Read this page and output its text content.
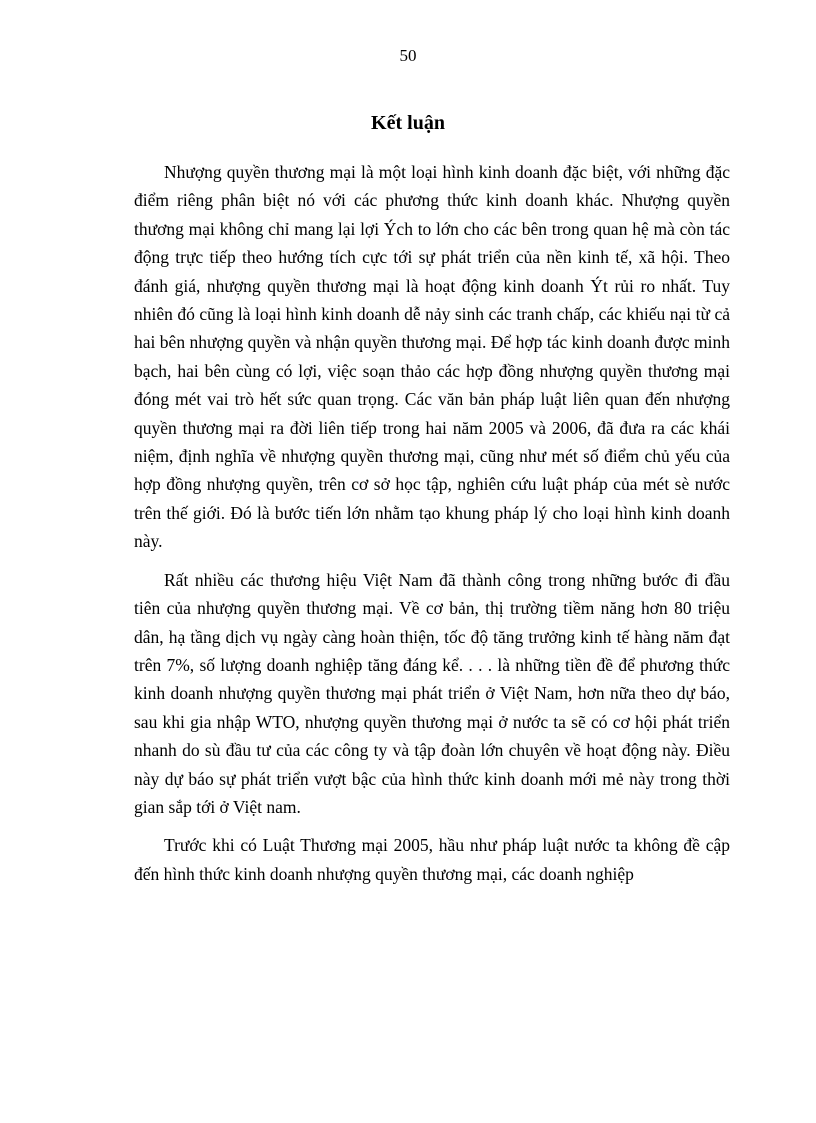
50
Kết luận

Nhượng quyền thương mại là một loại hình kinh doanh đặc biệt, với những đặc điểm riêng phân biệt nó với các phương thức kinh doanh khác. Nhượng quyền thương mại không chỉ mang lại lợi Ých to lớn cho các bên trong quan hệ mà còn tác động trực tiếp theo hướng tích cực tới sự phát triển của nền kinh tế, xã hội. Theo đánh giá, nhượng quyền thương mại là hoạt động kinh doanh Ýt rủi ro nhất. Tuy nhiên đó cũng là loại hình kinh doanh dễ nảy sinh các tranh chấp, các khiếu nại từ cả hai bên nhượng quyền và nhận quyền thương mại. Để hợp tác kinh doanh được minh bạch, hai bên cùng có lợi, việc soạn thảo các hợp đồng nhượng quyền thương mại đóng mét vai trò hết sức quan trọng. Các văn bản pháp luật liên quan đến nhượng quyền thương mại ra đời liên tiếp trong hai năm 2005 và 2006, đã đưa ra các khái niệm, định nghĩa về nhượng quyền thương mại, cũng như mét số điểm chủ yếu của hợp đồng nhượng quyền, trên cơ sở học tập, nghiên cứu luật pháp của mét sè nước trên thế giới. Đó là bước tiến lớn nhằm tạo khung pháp lý cho loại hình kinh doanh này.

Rất nhiều các thương hiệu Việt Nam đã thành công trong những bước đi đầu tiên của nhượng quyền thương mại. Về cơ bản, thị trường tiềm năng hơn 80 triệu dân, hạ tầng dịch vụ ngày càng hoàn thiện, tốc độ tăng trưởng kinh tế hàng năm đạt trên 7%, số lượng doanh nghiệp tăng đáng kể. . . . là những tiền đề để phương thức kinh doanh nhượng quyền thương mại phát triển ở Việt Nam, hơn nữa theo dự báo, sau khi gia nhập WTO, nhượng quyền thương mại ở nước ta sẽ có cơ hội phát triển nhanh do sù đầu tư của các công ty và tập đoàn lớn chuyên về hoạt động này. Điều này dự báo sự phát triển vượt bậc của hình thức kinh doanh mới mẻ này trong thời gian sắp tới ở Việt nam.

Trước khi có Luật Thương mại 2005, hầu như pháp luật nước ta không đề cập đến hình thức kinh doanh nhượng quyền thương mại, các doanh nghiệp
